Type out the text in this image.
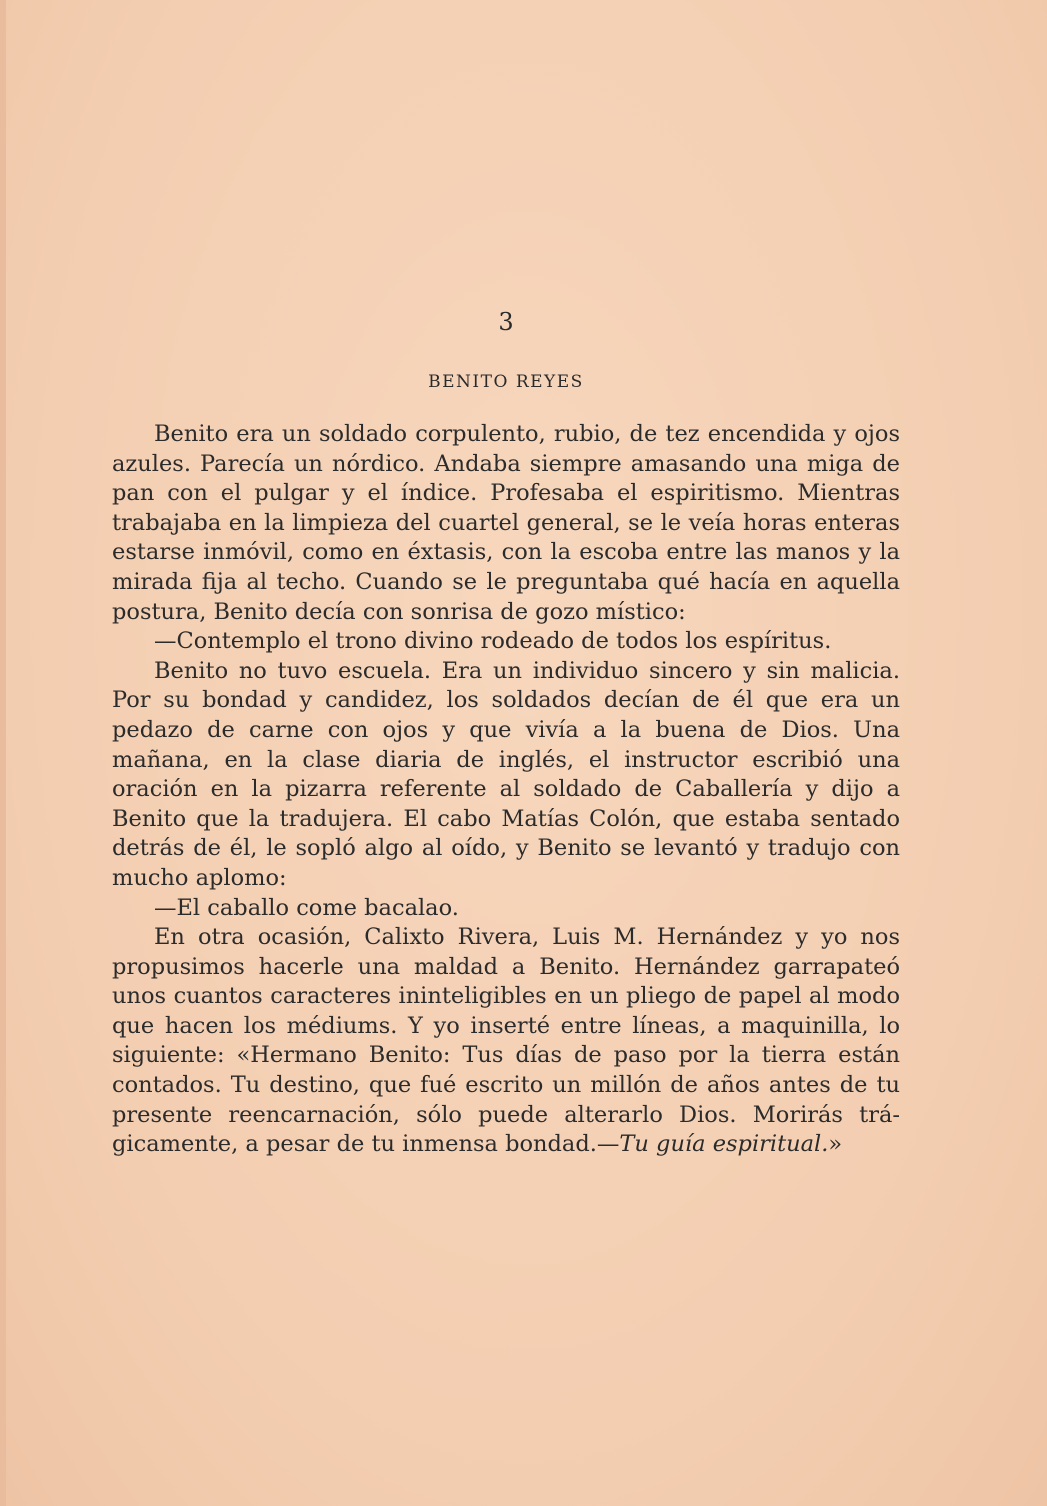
3
BENITO REYES

Benito era un soldado corpulento, rubio, de tez encendida y ojos azules. Parecía un nórdico. Andaba siempre amasando una miga de pan con el pulgar y el índice. Profesaba el espiritismo. Mientras trabajaba en la limpieza del cuartel general, se le veía horas enteras estarse inmóvil, como en éxtasis, con la escoba entre las manos y la mirada fija al techo. Cuando se le preguntaba qué hacía en aquella postura, Benito decía con sonrisa de gozo místico:

—Contemplo el trono divino rodeado de todos los espíritus.

Benito no tuvo escuela. Era un individuo sincero y sin malicia. Por su bondad y candidez, los soldados decían de él que era un pedazo de carne con ojos y que vivía a la buena de Dios. Una mañana, en la clase diaria de inglés, el instructor escribió una oración en la pizarra referente al soldado de Caballería y dijo a Benito que la tradujera. El cabo Matías Colón, que estaba sentado detrás de él, le sopló algo al oído, y Benito se levantó y tradujo con mucho aplomo:

—El caballo come bacalao.

En otra ocasión, Calixto Rivera, Luis M. Hernández y yo nos propusimos hacerle una maldad a Benito. Hernández garrapateó unos cuantos caracteres ininteligibles en un pliego de papel al modo que hacen los médiums. Y yo inserté entre líneas, a maquinilla, lo siguiente: «Hermano Benito: Tus días de paso por la tierra están contados. Tu destino, que fué escrito un millón de años antes de tu presente reencarnación, sólo puede alterarlo Dios. Morirás trágicamente, a pesar de tu inmensa bondad.—Tu guía espiritual.»
